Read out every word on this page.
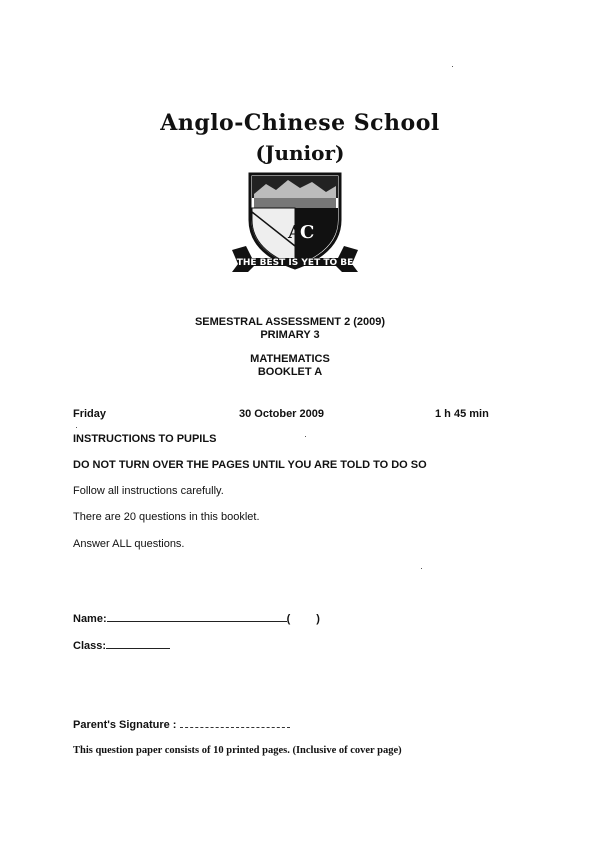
Anglo-Chinese School
(Junior)
A
C
THE BEST IS YET TO BE
SEMESTRAL ASSESSMENT 2 (2009)
PRIMARY 3
MATHEMATICS
BOOKLET A
Friday	30 October 2009	1 h 45 min
INSTRUCTIONS TO PUPILS
DO NOT TURN OVER THE PAGES UNTIL YOU ARE TOLD TO DO SO
Follow all instructions carefully.
There are 20 questions in this booklet.
Answer ALL questions.
Name:	( )
Class:
Parent's Signature :
This question paper consists of 10 printed pages. (Inclusive of cover page)
